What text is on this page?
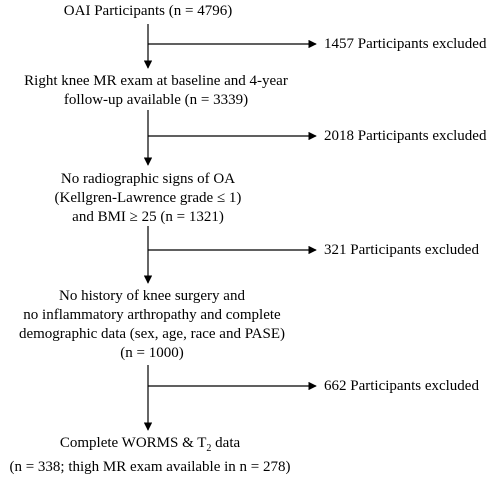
OAI Participants (n = 4796)
Right knee MR exam at baseline and 4-year
follow-up available (n = 3339)
No radiographic signs of OA
(Kellgren-Lawrence grade ≤ 1)
and BMI ≥ 25 (n = 1321)
No history of knee surgery and
no inflammatory arthropathy and complete
demographic data (sex, age, race and PASE)
(n = 1000)
Complete WORMS & $T_2$ data
(n = 338; thigh MR exam available in n = 278)
1457 Participants excluded
2018 Participants excluded
321 Participants excluded
662 Participants excluded
